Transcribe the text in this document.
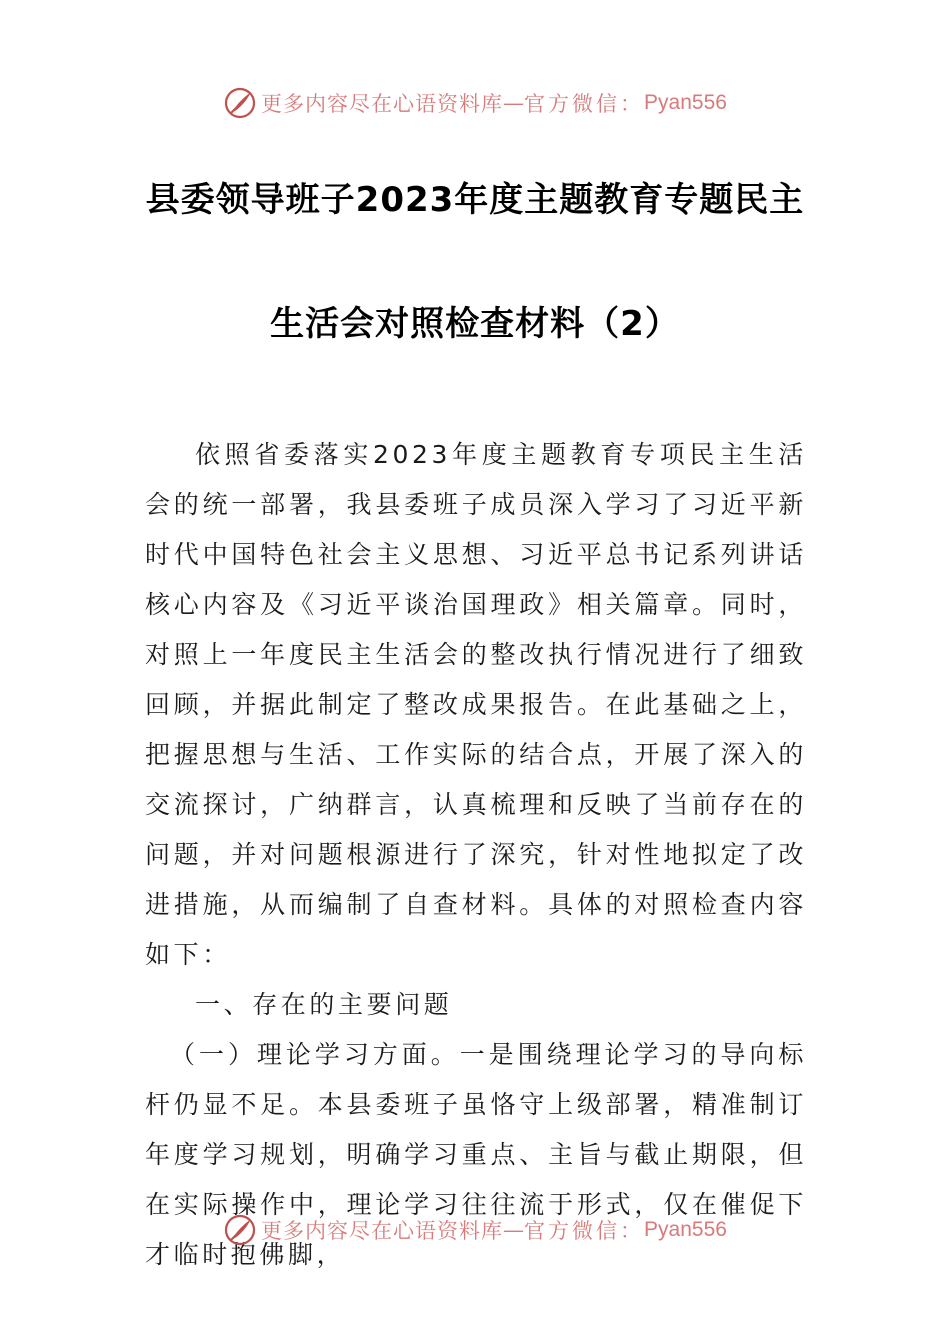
更多内容尽在心语资料库 — 官方微信： Pyan556
县委领导班子2023年度主题教育专题民主
生活会对照检查材料（2）

依照省委落实2023年度主题教育专项民主生活会的统一部署，我县委班子成员深入学习了习近平新时代中国特色社会主义思想、习近平总书记系列讲话核心内容及《习近平谈治国理政》相关篇章。同时，对照上一年度民主生活会的整改执行情况进行了细致回顾，并据此制定了整改成果报告。在此基础之上，把握思想与生活、工作实际的结合点，开展了深入的交流探讨，广纳群言，认真梳理和反映了当前存在的问题，并对问题根源进行了深究，针对性地拟定了改进措施，从而编制了自查材料。具体的对照检查内容如下：

一、存在的主要问题

（一）理论学习方面。一是围绕理论学习的导向标杆仍显不足。本县委班子虽恪守上级部署，精准制订年度学习规划，明确学习重点、主旨与截止期限，但在实际操作中，理论学习往往流于形式，仅在催促下才临时抱佛脚，

更多内容尽在心语资料库 — 官方微信： Pyan556
